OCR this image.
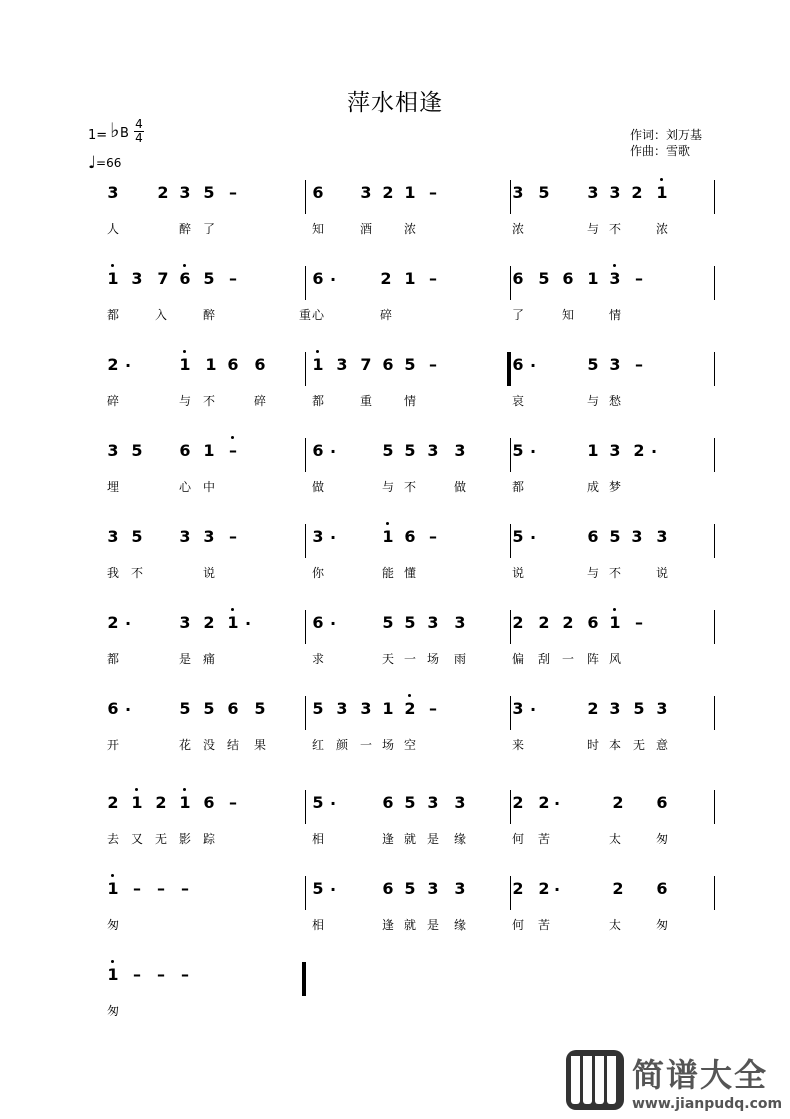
萍水相逢
1= ♭ B
4
4
♩=66
作词：刘万基
作曲：雪歌
3 2 3 5 –	6 3 2 1 –	3 5 3 3 2 1
人	醉 了	知	酒	浓	浓	与 不	浓
1 3 7 6 5 –	6 ·	2 1 –	6 5 6 1 3 –
都	入	醉	心	碎	了	知	情
重
2 ·	1 1 6 6	1 3 7 6 5 –	6 ·	5 3 –
碎	与 不	碎	都	重	情	哀	与 愁
3 5 6 1 –	6 ·	5 5 3 3	5 ·	1 3 2 ·
埋	心 中	做	与 不	做	都	成 梦
3 5 3 3 –	3 ·	1 6 –	5 ·	6 5 3 3
我 不	说	你	能 懂	说	与 不	说
2 ·	3 2 1 ·	6 ·	5 5 3 3	2 2 2 6 1 –
都	是 痛	求	天 一 场 雨	偏 刮 一 阵 风
6 ·	5 5 6 5	5 3 3 1 2 –	3 ·	2 3 5 3
开	花 没 结 果	红 颜 一 场 空	来	时 本 无 意
2 1 2 1 6 –	5 ·	6 5 3 3	2 2 ·	2 6
去 又 无 影 踪	相	逢 就 是 缘	何 苦	太	匆
1 – – –	5 ·	6 5 3 3	2 2 ·	2 6
匆	相	逢 就 是 缘	何 苦	太	匆
1 – – –
匆
简谱大全
www.jianpudq.com
